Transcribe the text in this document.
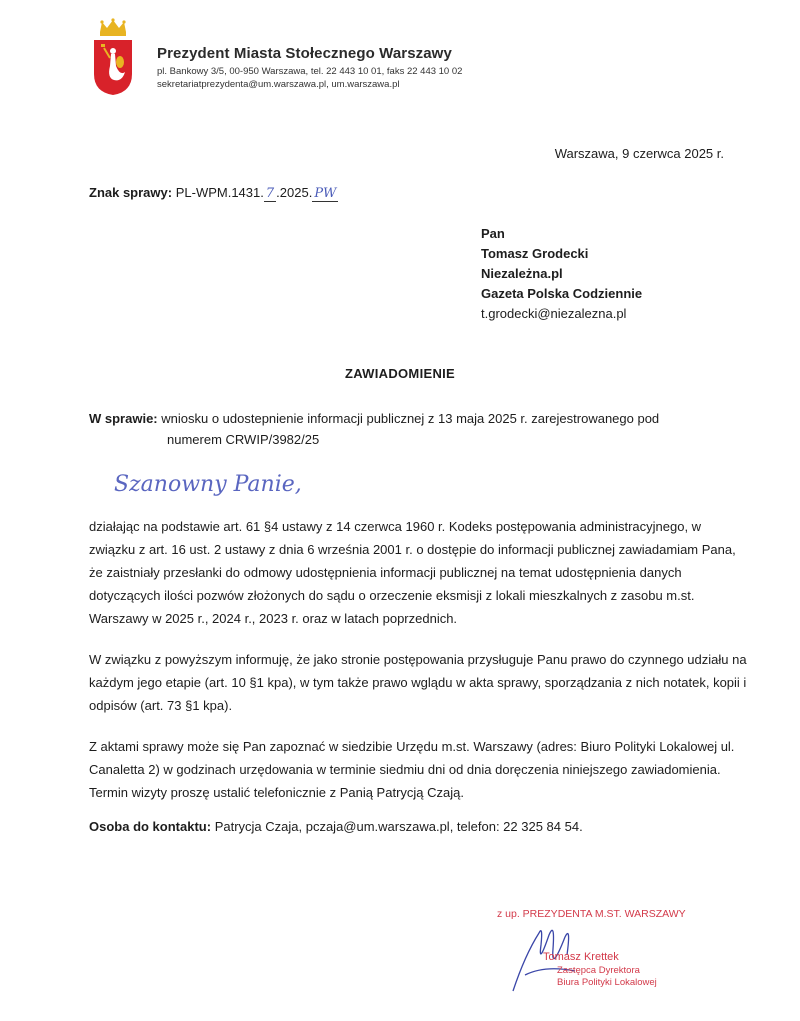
Prezydent Miasta Stołecznego Warszawy
pl. Bankowy 3/5, 00-950 Warszawa, tel. 22 443 10 01, faks 22 443 10 02
sekretariatprezydenta@um.warszawa.pl, um.warszawa.pl
Warszawa, 9 czerwca 2025 r.
Znak sprawy: PL-WPM.1431. 7 .2025. PW
Pan
Tomasz Grodecki
Niezależna.pl
Gazeta Polska Codziennie
t.grodecki@niezalezna.pl
ZAWIADOMIENIE
W sprawie: wniosku o udostepnienie informacji publicznej z 13 maja 2025 r. zarejestrowanego pod
numerem CRWIP/3982/25
Szanowny Panie,
działając na podstawie art. 61 §4 ustawy z 14 czerwca 1960 r. Kodeks postępowania administracyjnego, w związku z art. 16 ust. 2 ustawy z dnia 6 września 2001 r. o dostępie do informacji publicznej zawiadamiam Pana, że zaistniały przesłanki do odmowy udostępnienia informacji publicznej na temat udostępnienia danych dotyczących ilości pozwów złożonych do sądu o orzeczenie eksmisji z lokali mieszkalnych z zasobu m.st. Warszawy w 2025 r., 2024 r., 2023 r. oraz w latach poprzednich.
W związku z powyższym informuję, że jako stronie postępowania przysługuje Panu prawo do czynnego udziału na każdym jego etapie (art. 10 §1 kpa), w tym także prawo wglądu w akta sprawy, sporządzania z nich notatek, kopii i odpisów (art. 73 §1 kpa).
Z aktami sprawy może się Pan zapoznać w siedzibie Urzędu m.st. Warszawy (adres: Biuro Polityki Lokalowej ul. Canaletta 2) w godzinach urzędowania w terminie siedmiu dni od dnia doręczenia niniejszego zawiadomienia. Termin wizyty proszę ustalić telefonicznie z Panią Patrycją Czają.
Osoba do kontaktu: Patrycja Czaja, pczaja@um.warszawa.pl, telefon: 22 325 84 54.
z up. PREZYDENTA M.ST. WARSZAWY
Tomasz Krettek
Zastępca Dyrektora
Biura Polityki Lokalowej
